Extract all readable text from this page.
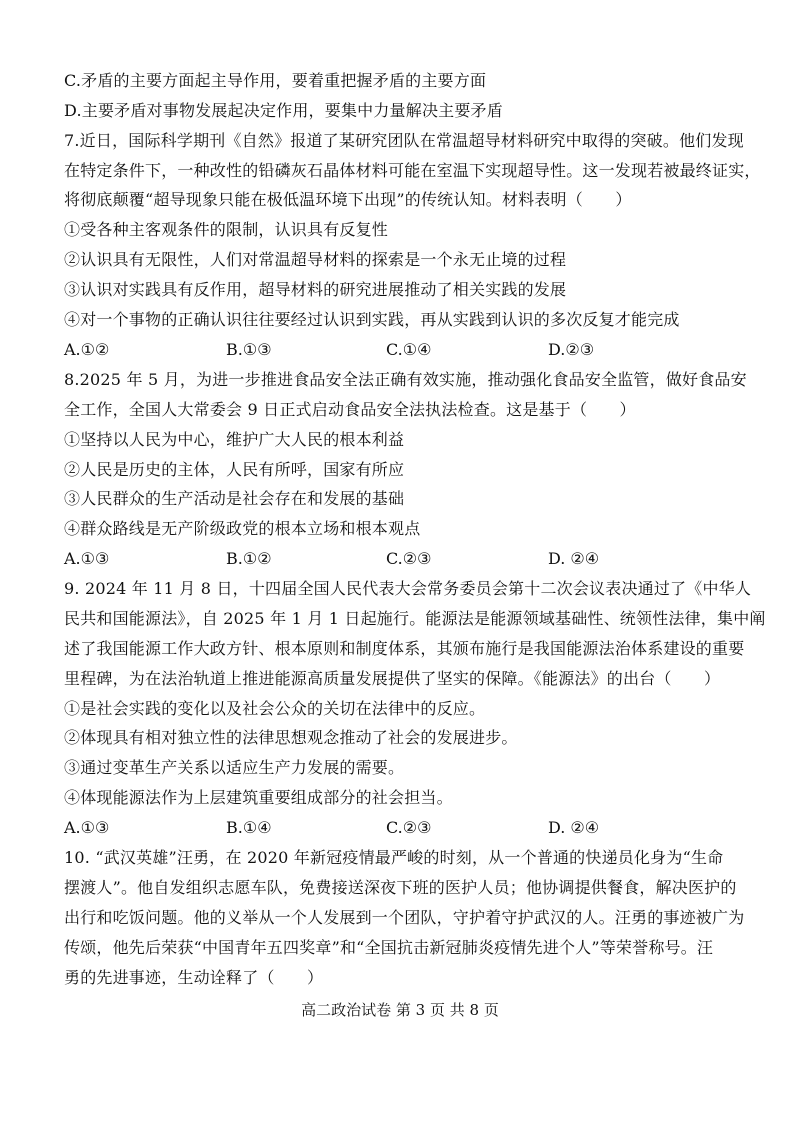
C.矛盾的主要方面起主导作用，要着重把握矛盾的主要方面
D.主要矛盾对事物发展起决定作用，要集中力量解决主要矛盾
7.近日，国际科学期刊《自然》报道了某研究团队在常温超导材料研究中取得的突破。他们发现
在特定条件下，一种改性的铅磷灰石晶体材料可能在室温下实现超导性。这一发现若被最终证实，
将彻底颠覆“超导现象只能在极低温环境下出现”的传统认知。材料表明（　　）
①受各种主客观条件的限制，认识具有反复性
②认识具有无限性，人们对常温超导材料的探索是一个永无止境的过程
③认识对实践具有反作用，超导材料的研究进展推动了相关实践的发展
④对一个事物的正确认识往往要经过认识到实践，再从实践到认识的多次反复才能完成
A.①②	B.①③	C.①④	D.②③
8.2025 年 5 月，为进一步推进食品安全法正确有效实施，推动强化食品安全监管，做好食品安
全工作，全国人大常委会 9 日正式启动食品安全法执法检查。这是基于（　　）
①坚持以人民为中心，维护广大人民的根本利益
②人民是历史的主体，人民有所呼，国家有所应
③人民群众的生产活动是社会存在和发展的基础
④群众路线是无产阶级政党的根本立场和根本观点
A.①③	B.①②	C.②③	D. ②④
9. 2024 年 11 月 8 日，十四届全国人民代表大会常务委员会第十二次会议表决通过了《中华人
民共和国能源法》，自 2025 年 1 月 1 日起施行。能源法是能源领域基础性、统领性法律，集中阐
述了我国能源工作大政方针、根本原则和制度体系，其颁布施行是我国能源法治体系建设的重要
里程碑，为在法治轨道上推进能源高质量发展提供了坚实的保障。《能源法》的出台（　　）
①是社会实践的变化以及社会公众的关切在法律中的反应。
②体现具有相对独立性的法律思想观念推动了社会的发展进步。
③通过变革生产关系以适应生产力发展的需要。
④体现能源法作为上层建筑重要组成部分的社会担当。
A.①③	B.①④	C.②③	D. ②④
10. “武汉英雄”汪勇，在 2020 年新冠疫情最严峻的时刻，从一个普通的快递员化身为“生命
摆渡人”。他自发组织志愿车队，免费接送深夜下班的医护人员；他协调提供餐食，解决医护的
出行和吃饭问题。他的义举从一个人发展到一个团队，守护着守护武汉的人。汪勇的事迹被广为
传颂，他先后荣获“中国青年五四奖章”和“全国抗击新冠肺炎疫情先进个人”等荣誉称号。汪
勇的先进事迹，生动诠释了（　　）
高二政治试卷 第 3 页 共 8 页
